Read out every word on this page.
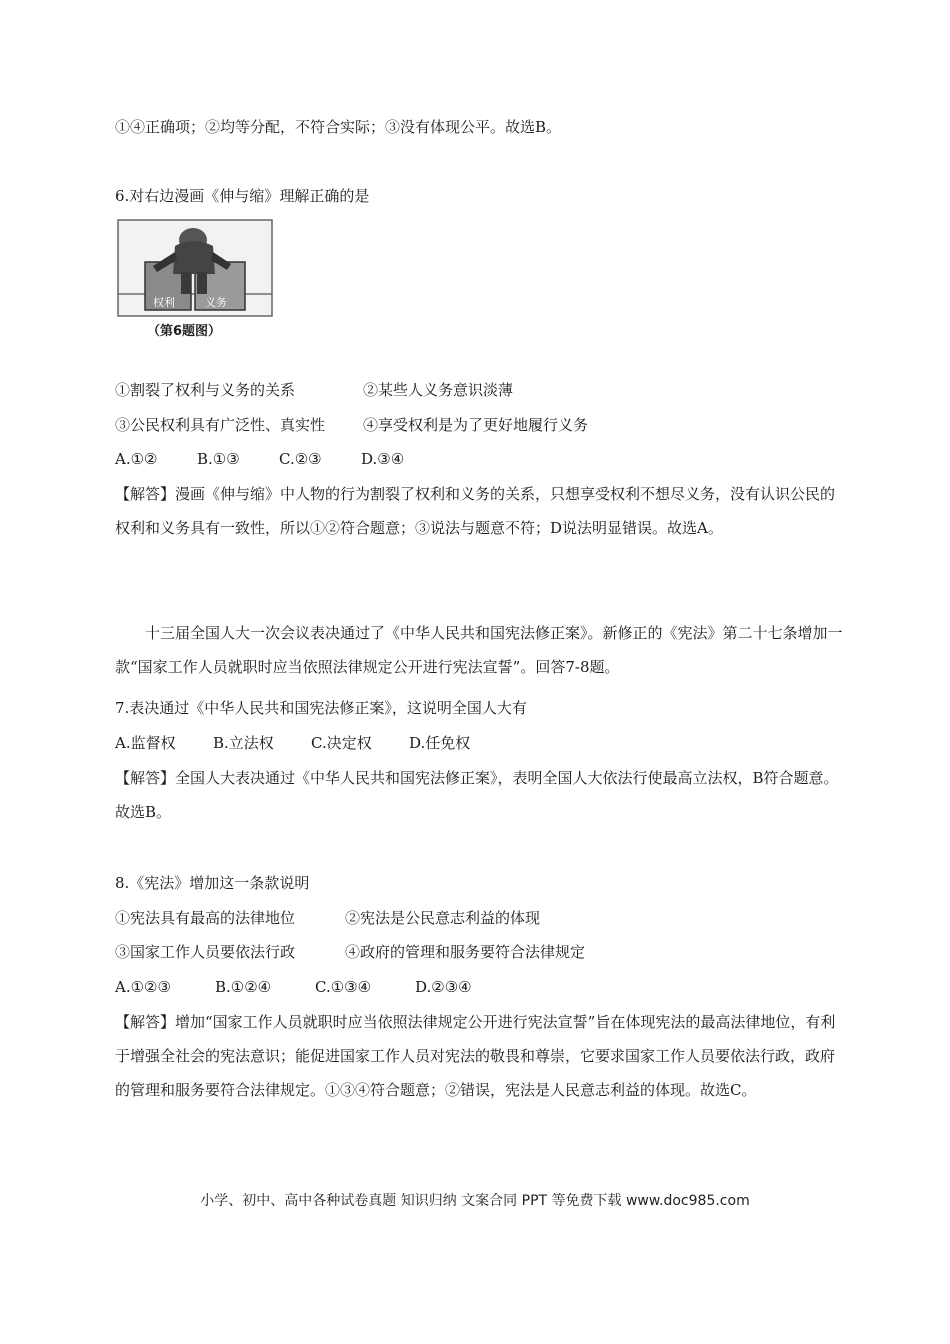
①④正确项；②均等分配，不符合实际；③没有体现公平。故选B。
6.对右边漫画《伸与缩》理解正确的是
权利	义务
（第6题图）
①割裂了权利与义务的关系	②某些人义务意识淡薄
③公民权利具有广泛性、真实性	④享受权利是为了更好地履行义务
A.①②	B.①③	C.②③	D.③④
【解答】漫画《伸与缩》中人物的行为割裂了权利和义务的关系，只想享受权利不想尽义务，没有认识公民的权利和义务具有一致性，所以①②符合题意；③说法与题意不符；D说法明显错误。故选A。
十三届全国人大一次会议表决通过了《中华人民共和国宪法修正案》。新修正的《宪法》第二十七条增加一款“国家工作人员就职时应当依照法律规定公开进行宪法宣誓”。回答7-8题。
7.表决通过《中华人民共和国宪法修正案》，这说明全国人大有
A.监督权 B.立法权 C.决定权 D.任免权
【解答】全国人大表决通过《中华人民共和国宪法修正案》，表明全国人大依法行使最高立法权，B符合题意。故选B。
8.《宪法》增加这一条款说明
①宪法具有最高的法律地位	②宪法是公民意志利益的体现
③国家工作人员要依法行政	④政府的管理和服务要符合法律规定
A.①②③	B.①②④	C.①③④	D.②③④
【解答】增加“国家工作人员就职时应当依照法律规定公开进行宪法宣誓”旨在体现宪法的最高法律地位，有利于增强全社会的宪法意识；能促进国家工作人员对宪法的敬畏和尊崇，它要求国家工作人员要依法行政，政府的管理和服务要符合法律规定。①③④符合题意；②错误，宪法是人民意志利益的体现。故选C。
小学、初中、高中各种试卷真题 知识归纳 文案合同 PPT 等免费下载 www.doc985.com
